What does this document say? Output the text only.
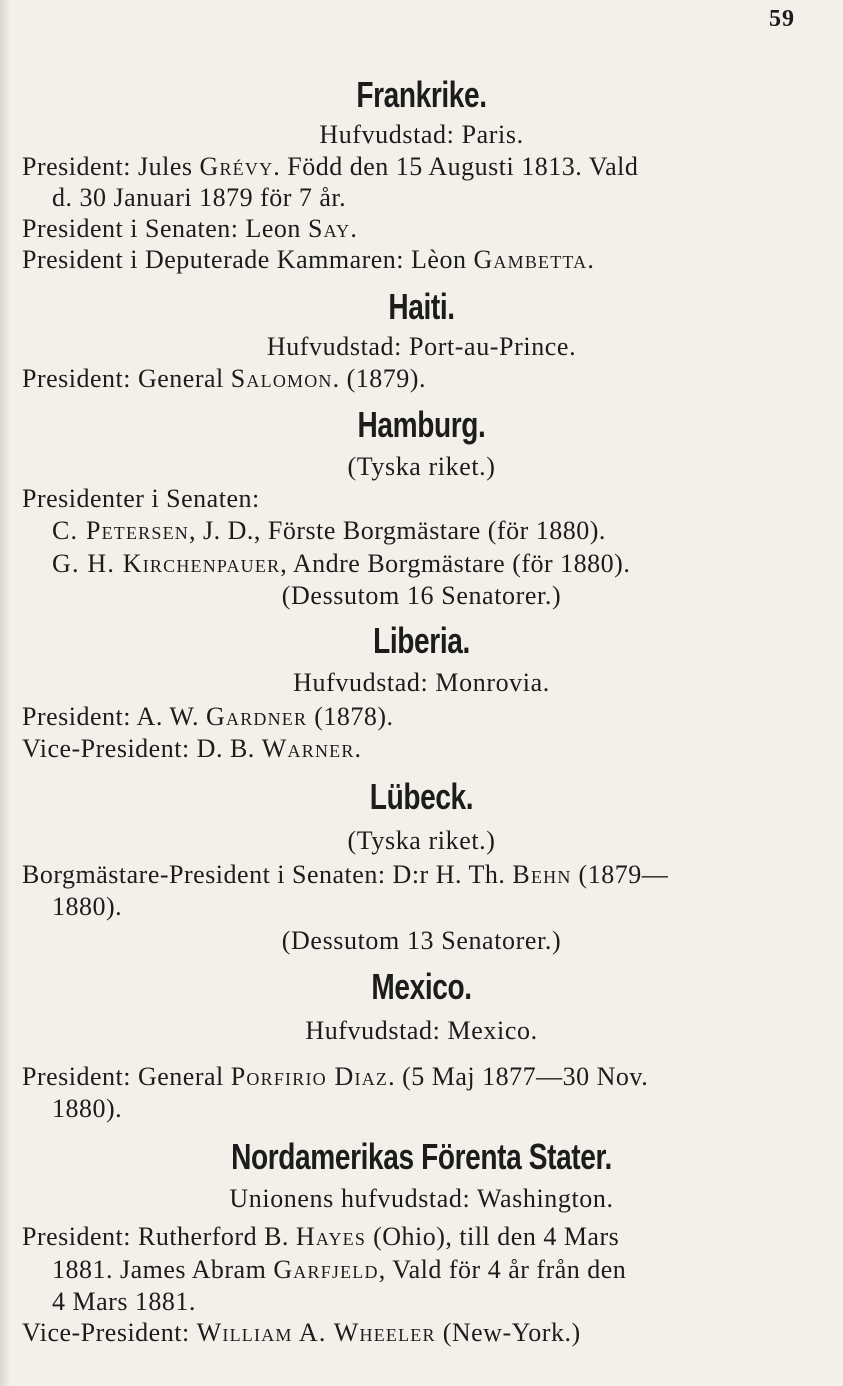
59
Frankrike.
Hufvudstad: Paris.
President: Jules Grévy. Född den 15 Augusti 1813. Vald
d. 30 Januari 1879 för 7 år.
President i Senaten: Leon Say.
President i Deputerade Kammaren: Lèon Gambetta.
Haiti.
Hufvudstad: Port-au-Prince.
President: General Salomon. (1879).
Hamburg.
(Tyska riket.)
Presidenter i Senaten:
C. Petersen, J. D., Förste Borgmästare (för 1880).
G. H. Kirchenpauer, Andre Borgmästare (för 1880).
(Dessutom 16 Senatorer.)
Liberia.
Hufvudstad: Monrovia.
President: A. W. Gardner (1878).
Vice-President: D. B. Warner.
Lübeck.
(Tyska riket.)
Borgmästare-President i Senaten: D:r H. Th. Behn (1879—
1880).
(Dessutom 13 Senatorer.)
Mexico.
Hufvudstad: Mexico.
President: General Porfirio Diaz. (5 Maj 1877—30 Nov.
1880).
Nordamerikas Förenta Stater.
Unionens hufvudstad: Washington.
President: Rutherford B. Hayes (Ohio), till den 4 Mars
1881. James Abram Garfjeld, Vald för 4 år från den
4 Mars 1881.
Vice-President: William A. Wheeler (New-York.)
